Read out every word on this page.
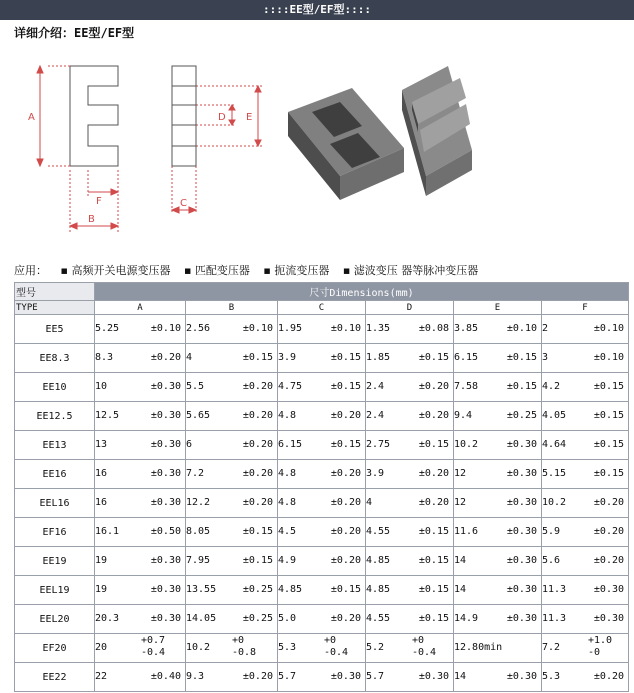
::::EE型/EF型::::
详细介绍：EE型/EF型
A
B
F	C
D E
应用： ▪ 高频开关电源变压器 ▪ 匹配变压器 ▪ 扼流变压器 ▪ 滤波变压 器等脉冲变压器
型号	尺寸Dimensions(mm)					
TYPE	A	B	C	D	E	F
EE5	5.25 ±0.10	2.56 ±0.10	1.95 ±0.10	1.35 ±0.08	3.85 ±0.10	2 ±0.10

EE8.3	8.3 ±0.20	4 ±0.15	3.9 ±0.15	1.85 ±0.15	6.15 ±0.15	3 ±0.10

EE10	10 ±0.30	5.5 ±0.20	4.75 ±0.15	2.4 ±0.20	7.58 ±0.15	4.2 ±0.15

EE12.5	12.5 ±0.30	5.65 ±0.20	4.8 ±0.20	2.4 ±0.20	9.4 ±0.25	4.05 ±0.15

EE13	13 ±0.30	6 ±0.20	6.15 ±0.15	2.75 ±0.15	10.2 ±0.30	4.64 ±0.15

EE16	16 ±0.30	7.2 ±0.20	4.8 ±0.20	3.9 ±0.20	12 ±0.30	5.15 ±0.15

EEL16	16 ±0.30	12.2 ±0.20	4.8 ±0.20	4 ±0.20	12 ±0.30	10.2 ±0.20

EF16	16.1 ±0.50	8.05 ±0.15	4.5 ±0.20	4.55 ±0.15	11.6 ±0.30	5.9 ±0.20

EE19	19 ±0.30	7.95 ±0.15	4.9 ±0.20	4.85 ±0.15	14 ±0.30	5.6 ±0.20

EEL19	19 ±0.30	13.55 ±0.25	4.85 ±0.15	4.85 ±0.15	14 ±0.30	11.3 ±0.30

EEL20	20.3 ±0.30	14.05 ±0.25	5.0 ±0.20	4.55 ±0.15	14.9 ±0.30	11.3 ±0.30

EF20	20
+0.7
-0.4	10.2
+0
-0.8	5.3
+0
-0.4	5.2
+0
-0.4	12.80min	7.2
+1.0
-0

EE22	22 ±0.40	9.3 ±0.20	5.7 ±0.30	5.7 ±0.30	14 ±0.30	5.3 ±0.20
